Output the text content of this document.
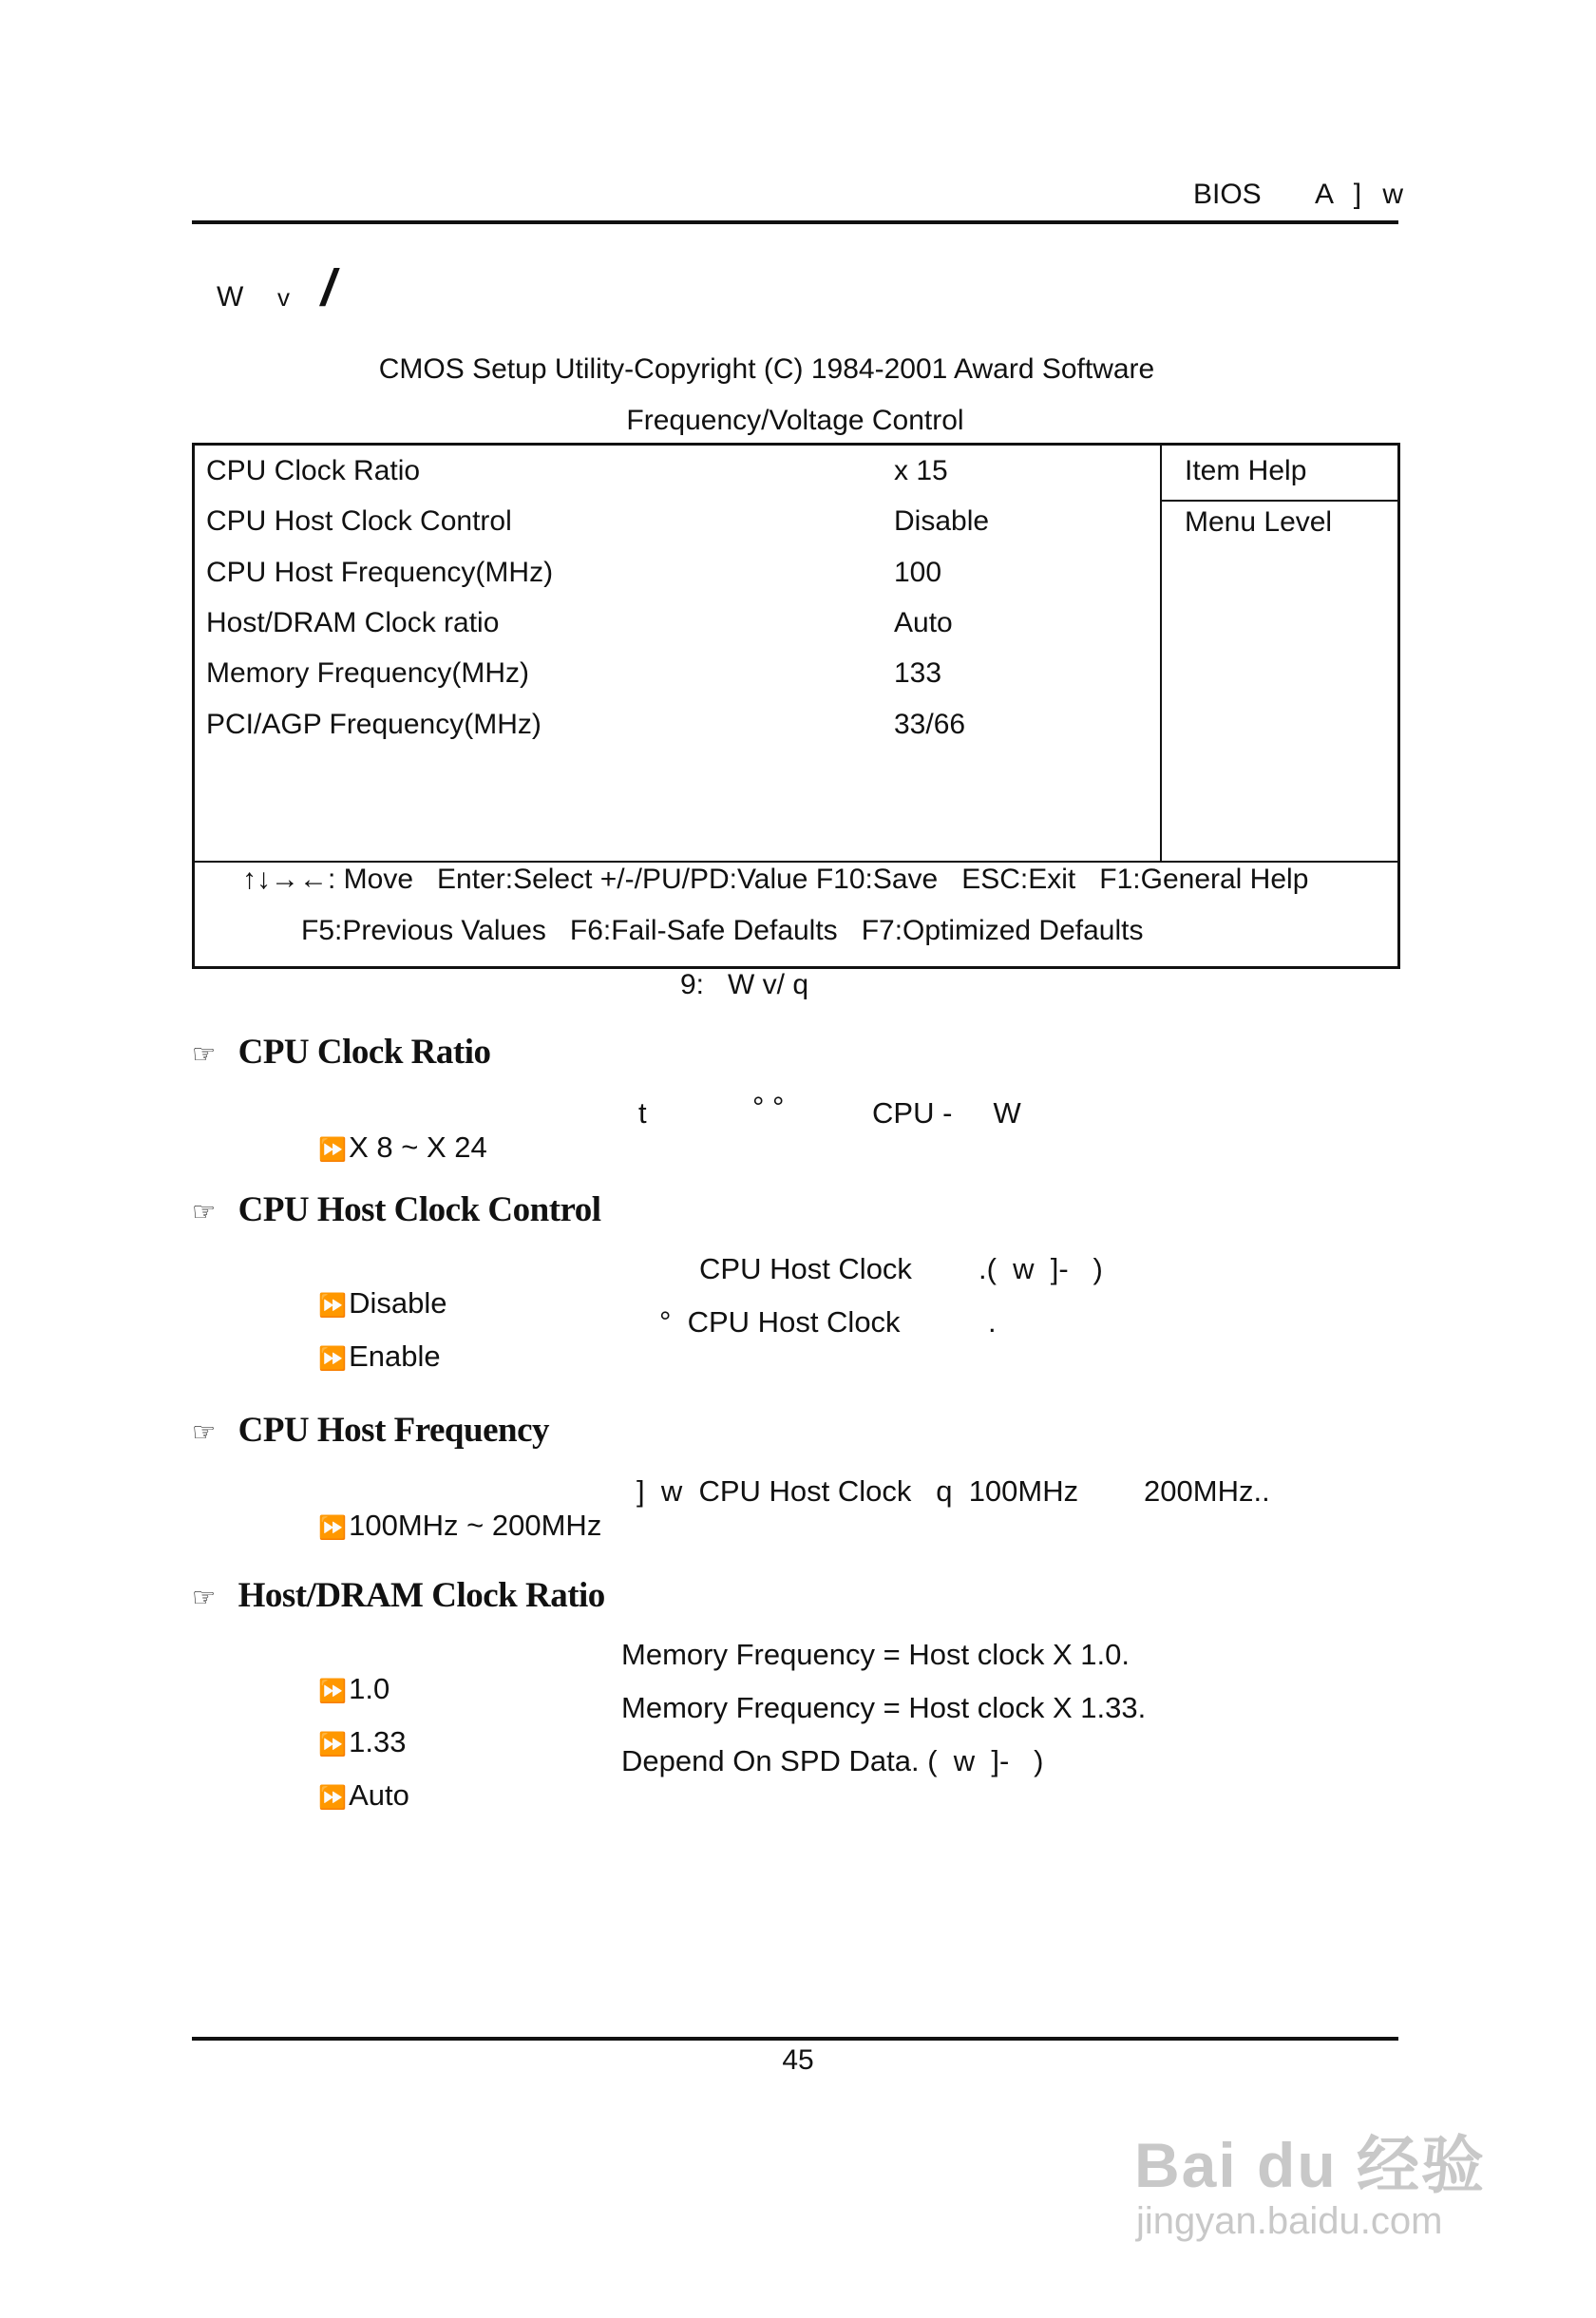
BIOS A ] w
W v /
CMOS Setup Utility-Copyright (C) 1984-2001 Award Software
Frequency/Voltage Control
CPU Clock Ratio	x 15
CPU Host Clock Control	Disable
CPU Host Frequency(MHz)	100
Host/DRAM Clock ratio	Auto
Memory Frequency(MHz)	133
PCI/AGP Frequency(MHz)	33/66
Item Help
Menu Level
↑↓→←: Move   Enter:Select +/-/PU/PD:Value F10:Save   ESC:Exit   F1:General Help
F5:Previous Values   F6:Fail-Safe Defaults   F7:Optimized Defaults
9:   W v/ q
☞ CPU Clock Ratio

⏩X 8 ~ X 24

t	° °	CPU -     W
☞ CPU Host Clock Control

⏩Disable

CPU Host Clock .(  w  ]-   )

⏩Enable

°  CPU Host Clock	.
☞ CPU Host Frequency

⏩100MHz ~ 200MHz

]  w  CPU Host Clock   q  100MHz        200MHz..
☞ Host/DRAM Clock Ratio

⏩1.0

Memory Frequency = Host clock X 1.0.

⏩1.33

Memory Frequency = Host clock X 1.33.

⏩Auto

Depend On SPD Data. (  w  ]-   )
45
Bai du 经验
jingyan.baidu.com
